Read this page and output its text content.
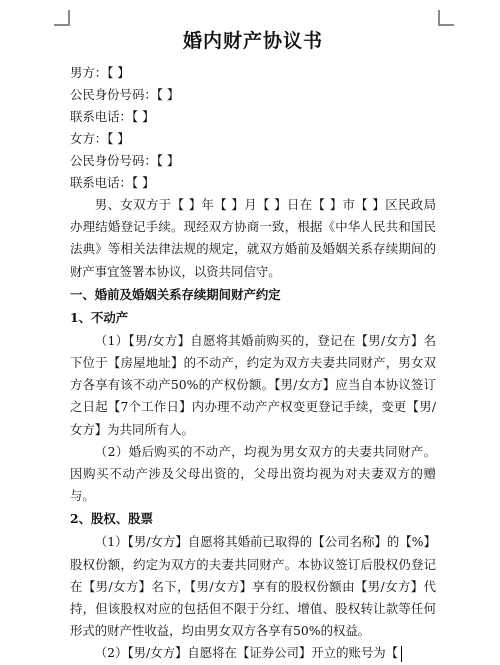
婚内财产协议书
男方：【 】
公民身份号码：【 】
联系电话：【 】
女方：【 】
公民身份号码：【 】
联系电话：【 】

男、女双方于【 】年【 】月【 】日在【 】市【 】区民政局办理结婚登记手续。现经双方协商一致，根据《中华人民共和国民法典》等相关法律法规的规定，就双方婚前及婚姻关系存续期间的财产事宜签署本协议，以资共同信守。

一、婚前及婚姻关系存续期间财产约定
1、不动产

（1）【男/女方】自愿将其婚前购买的，登记在【男/女方】名下位于【房屋地址】的不动产，约定为双方夫妻共同财产，男女双方各享有该不动产50%的产权份额。【男/女方】应当自本协议签订之日起【7个工作日】内办理不动产产权变更登记手续，变更【男/女方】为共同所有人。

（2）婚后购买的不动产，均视为男女双方的夫妻共同财产。因购买不动产涉及父母出资的，父母出资均视为对夫妻双方的赠与。

2、股权、股票

（1）【男/女方】自愿将其婚前已取得的【公司名称】的【%】股权份额，约定为双方的夫妻共同财产。本协议签订后股权仍登记在【男/女方】名下，【男/女方】享有的股权份额由【男/女方】代持，但该股权对应的包括但不限于分红、增值、股权转让款等任何形式的财产性收益，均由男女双方各享有50%的权益。

（2）【男/女方】自愿将在【证券公司】开立的账号为【
